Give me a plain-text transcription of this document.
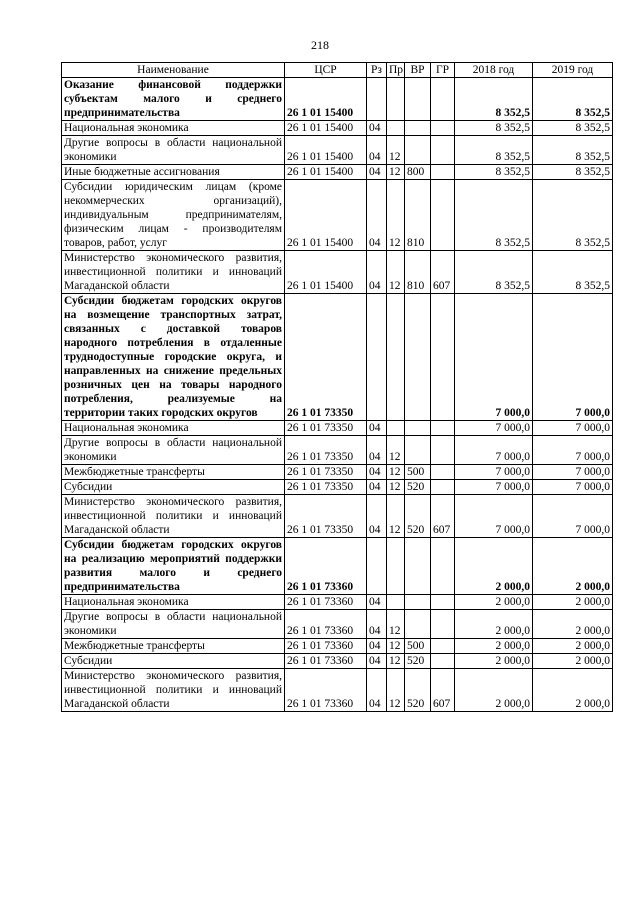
218
Наименование	ЦСР	Рз	Пр	ВР	ГР	2018 год	2019 год
Оказание финансовой поддержки субъектам малого и среднего предпринимательства	26 1 01 15400					8 352,5	8 352,5
Национальная экономика	26 1 01 15400	04				8 352,5	8 352,5
Другие вопросы в области национальной экономики	26 1 01 15400	04	12			8 352,5	8 352,5
Иные бюджетные ассигнования	26 1 01 15400	04	12	800		8 352,5	8 352,5
Субсидии юридическим лицам (кроме некоммерческих организаций), индивидуальным предпринимателям, физическим лицам - производителям товаров, работ, услуг	26 1 01 15400	04	12	810		8 352,5	8 352,5
Министерство экономического развития, инвестиционной политики и инноваций Магаданской области	26 1 01 15400	04	12	810	607	8 352,5	8 352,5
Субсидии бюджетам городских округов на возмещение транспортных затрат, связанных с доставкой товаров народного потребления в отдаленные труднодоступные городские округа, и направленных на снижение предельных розничных цен на товары народного потребления, реализуемые на территории таких городских округов	26 1 01 73350					7 000,0	7 000,0
Национальная экономика	26 1 01 73350	04				7 000,0	7 000,0
Другие вопросы в области национальной экономики	26 1 01 73350	04	12			7 000,0	7 000,0
Межбюджетные трансферты	26 1 01 73350	04	12	500		7 000,0	7 000,0
Субсидии	26 1 01 73350	04	12	520		7 000,0	7 000,0
Министерство экономического развития, инвестиционной политики и инноваций Магаданской области	26 1 01 73350	04	12	520	607	7 000,0	7 000,0
Субсидии бюджетам городских округов на реализацию мероприятий поддержки развития малого и среднего предпринимательства	26 1 01 73360					2 000,0	2 000,0
Национальная экономика	26 1 01 73360	04				2 000,0	2 000,0
Другие вопросы в области национальной экономики	26 1 01 73360	04	12			2 000,0	2 000,0
Межбюджетные трансферты	26 1 01 73360	04	12	500		2 000,0	2 000,0
Субсидии	26 1 01 73360	04	12	520		2 000,0	2 000,0
Министерство экономического развития, инвестиционной политики и инноваций Магаданской области	26 1 01 73360	04	12	520	607	2 000,0	2 000,0
